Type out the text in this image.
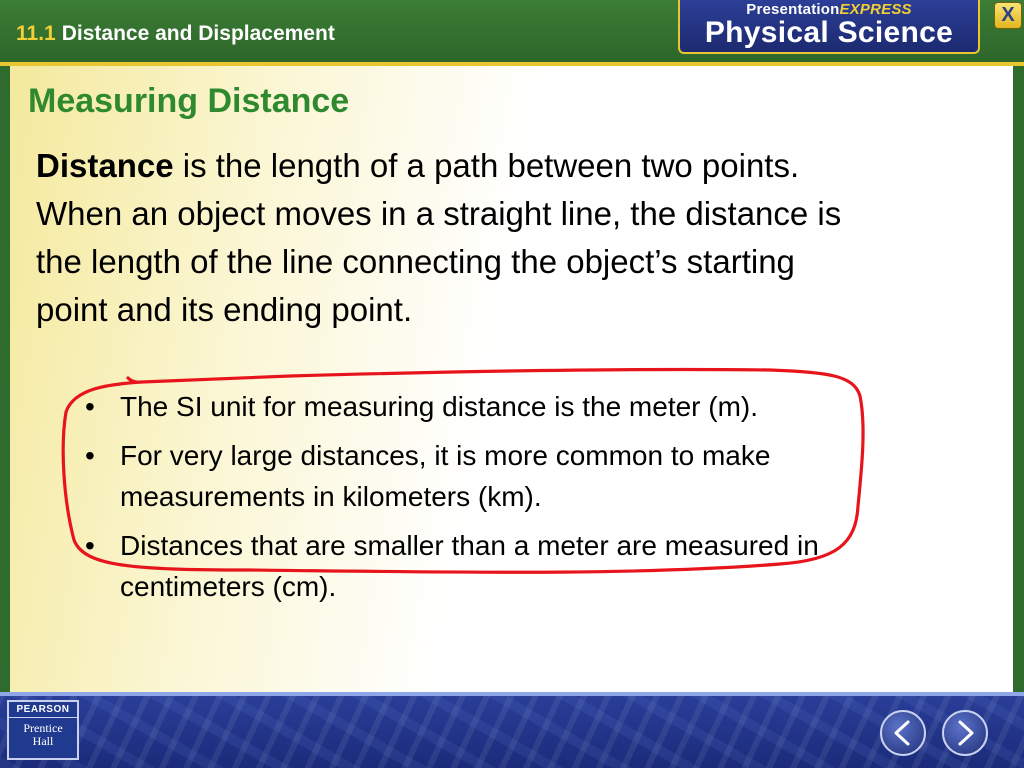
11.1 Distance and Displacement
PresentationEXPRESS
Physical Science
X
Measuring Distance

Distance is the length of a path between two points. When an object moves in a straight line, the distance is the length of the line connecting the object’s starting point and its ending point.

• The SI unit for measuring distance is the meter (m).
• For very large distances, it is more common to make measurements in kilometers (km).
• Distances that are smaller than a meter are measured in centimeters (cm).
PEARSON
Prentice
Hall
